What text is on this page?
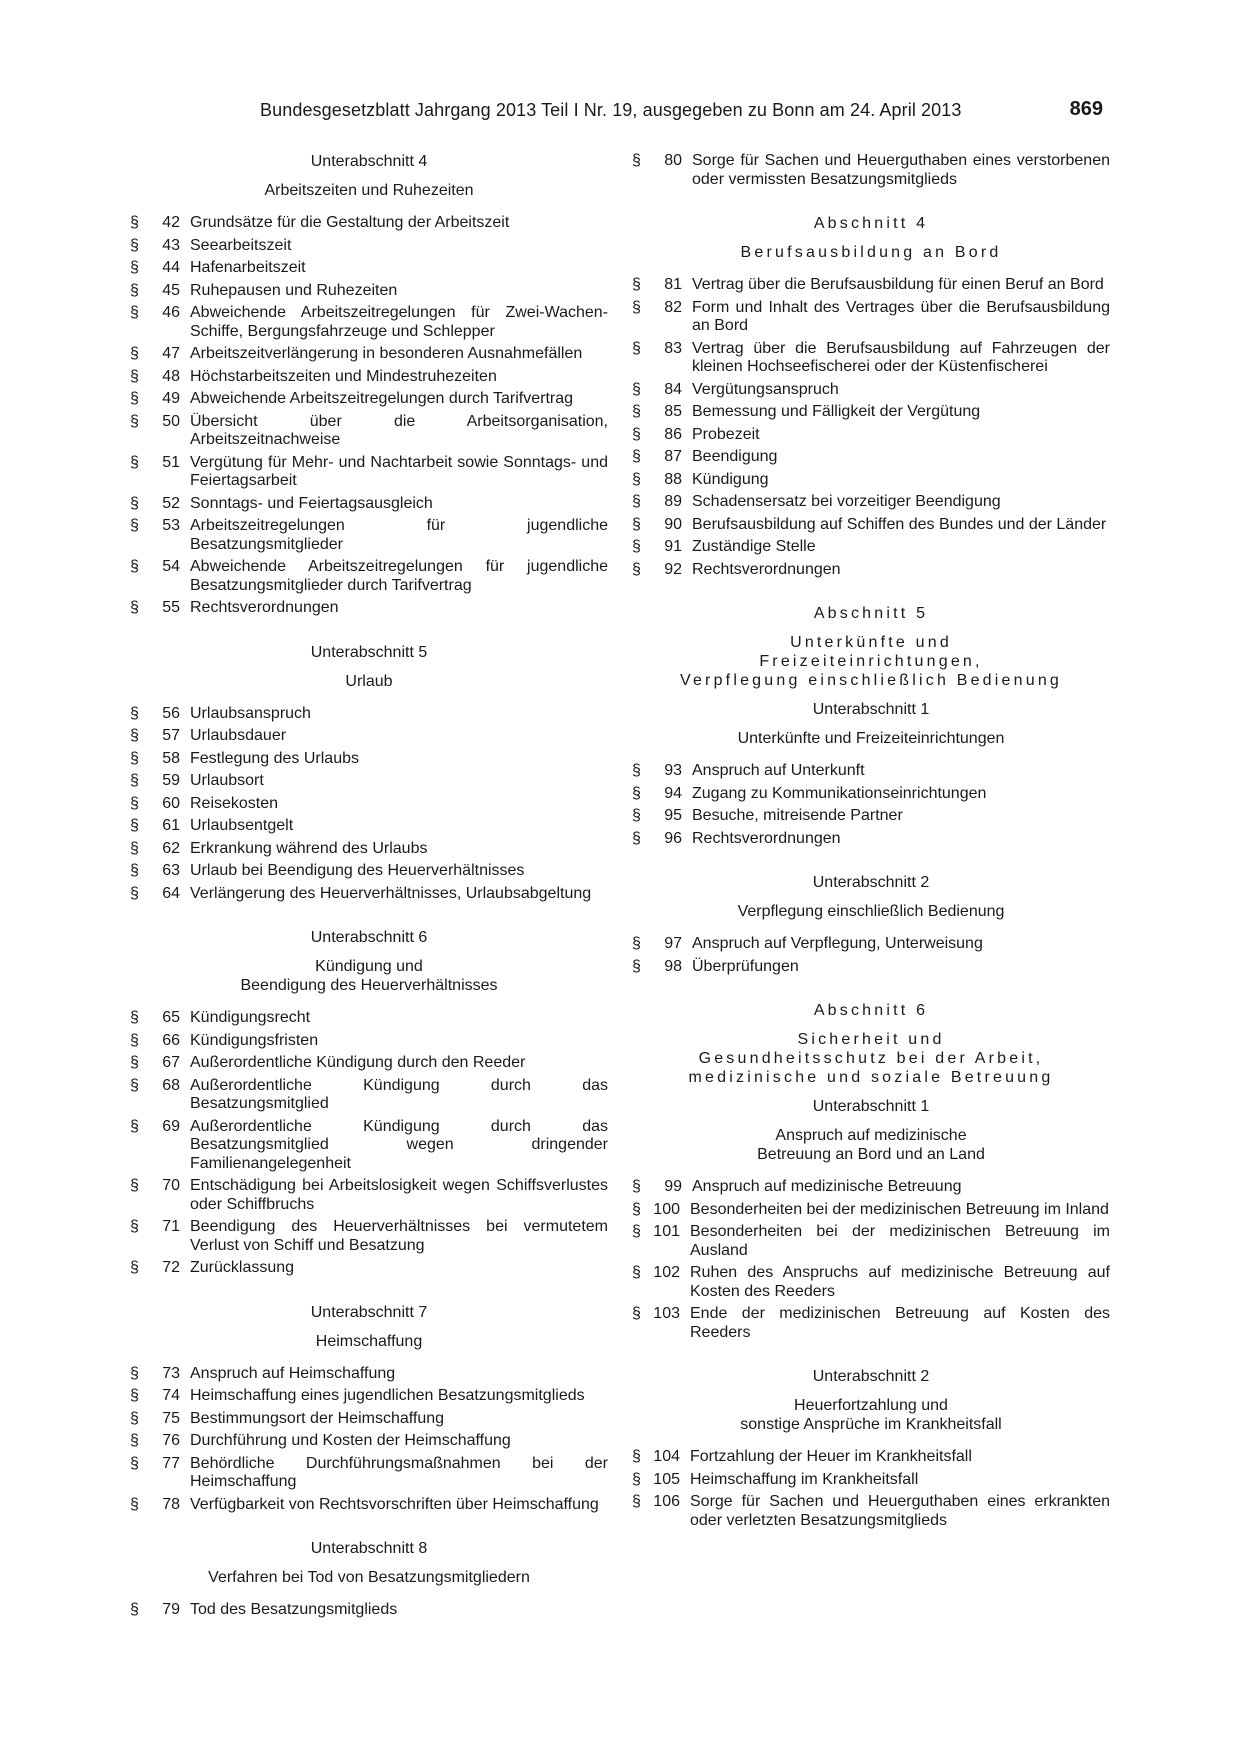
Bundesgesetzblatt Jahrgang 2013 Teil I Nr. 19, ausgegeben zu Bonn am 24. April 2013	869
Unterabschnitt 4
Arbeitszeiten und Ruhezeiten
§	42 Grundsätze für die Gestaltung der Arbeitszeit
§	43 Seearbeitszeit
§	44 Hafenarbeitszeit
§	45 Ruhepausen und Ruhezeiten
§	46 Abweichende Arbeitszeitregelungen für Zwei-Wachen-Schiffe, Bergungsfahrzeuge und Schlepper
§	47 Arbeitszeitverlängerung in besonderen Ausnahmefällen
§	48 Höchstarbeitszeiten und Mindestruhezeiten
§	49 Abweichende Arbeitszeitregelungen durch Tarifvertrag
§	50 Übersicht über die Arbeitsorganisation, Arbeitszeitnachweise
§	51 Vergütung für Mehr- und Nachtarbeit sowie Sonntags- und Feiertagsarbeit
§	52 Sonntags- und Feiertagsausgleich
§	53 Arbeitszeitregelungen für jugendliche Besatzungsmitglieder
§	54 Abweichende Arbeitszeitregelungen für jugendliche Besatzungsmitglieder durch Tarifvertrag
§	55 Rechtsverordnungen
Unterabschnitt 5
Urlaub
§	56 Urlaubsanspruch
§	57 Urlaubsdauer
§	58 Festlegung des Urlaubs
§	59 Urlaubsort
§	60 Reisekosten
§	61 Urlaubsentgelt
§	62 Erkrankung während des Urlaubs
§	63 Urlaub bei Beendigung des Heuerverhältnisses
§	64 Verlängerung des Heuerverhältnisses, Urlaubsabgeltung
Unterabschnitt 6
Kündigung und
Beendigung des Heuerverhältnisses
§	65 Kündigungsrecht
§	66 Kündigungsfristen
§	67 Außerordentliche Kündigung durch den Reeder
§	68 Außerordentliche Kündigung durch das Besatzungsmitglied
§	69 Außerordentliche Kündigung durch das Besatzungsmitglied wegen dringender Familienangelegenheit
§	70 Entschädigung bei Arbeitslosigkeit wegen Schiffsverlustes oder Schiffbruchs
§	71 Beendigung des Heuerverhältnisses bei vermutetem Verlust von Schiff und Besatzung
§	72 Zurücklassung
Unterabschnitt 7
Heimschaffung
§	73 Anspruch auf Heimschaffung
§	74 Heimschaffung eines jugendlichen Besatzungsmitglieds
§	75 Bestimmungsort der Heimschaffung
§	76 Durchführung und Kosten der Heimschaffung
§	77 Behördliche Durchführungsmaßnahmen bei der Heimschaffung
§	78 Verfügbarkeit von Rechtsvorschriften über Heimschaffung
Unterabschnitt 8
Verfahren bei Tod von Besatzungsmitgliedern
§	79 Tod des Besatzungsmitglieds
§	80 Sorge für Sachen und Heuerguthaben eines verstorbenen oder vermissten Besatzungsmitglieds
Abschnitt 4
Berufsausbildung an Bord
§	81 Vertrag über die Berufsausbildung für einen Beruf an Bord
§	82 Form und Inhalt des Vertrages über die Berufsausbildung an Bord
§	83 Vertrag über die Berufsausbildung auf Fahrzeugen der kleinen Hochseefischerei oder der Küstenfischerei
§	84 Vergütungsanspruch
§	85 Bemessung und Fälligkeit der Vergütung
§	86 Probezeit
§	87 Beendigung
§	88 Kündigung
§	89 Schadensersatz bei vorzeitiger Beendigung
§	90 Berufsausbildung auf Schiffen des Bundes und der Länder
§	91 Zuständige Stelle
§	92 Rechtsverordnungen
Abschnitt 5
Unterkünfte und
Freizeiteinrichtungen,
Verpflegung einschließlich Bedienung
Unterabschnitt 1
Unterkünfte und Freizeiteinrichtungen
§	93 Anspruch auf Unterkunft
§	94 Zugang zu Kommunikationseinrichtungen
§	95 Besuche, mitreisende Partner
§	96 Rechtsverordnungen
Unterabschnitt 2
Verpflegung einschließlich Bedienung
§	97 Anspruch auf Verpflegung, Unterweisung
§	98 Überprüfungen
Abschnitt 6
Sicherheit und
Gesundheitsschutz bei der Arbeit,
medizinische und soziale Betreuung
Unterabschnitt 1
Anspruch auf medizinische
Betreuung an Bord und an Land
§	99 Anspruch auf medizinische Betreuung
§ 100 Besonderheiten bei der medizinischen Betreuung im Inland
§ 101 Besonderheiten bei der medizinischen Betreuung im Ausland
§ 102 Ruhen des Anspruchs auf medizinische Betreuung auf Kosten des Reeders
§ 103 Ende der medizinischen Betreuung auf Kosten des Reeders
Unterabschnitt 2
Heuerfortzahlung und
sonstige Ansprüche im Krankheitsfall
§ 104 Fortzahlung der Heuer im Krankheitsfall
§ 105 Heimschaffung im Krankheitsfall
§ 106 Sorge für Sachen und Heuerguthaben eines erkrankten oder verletzten Besatzungsmitglieds
